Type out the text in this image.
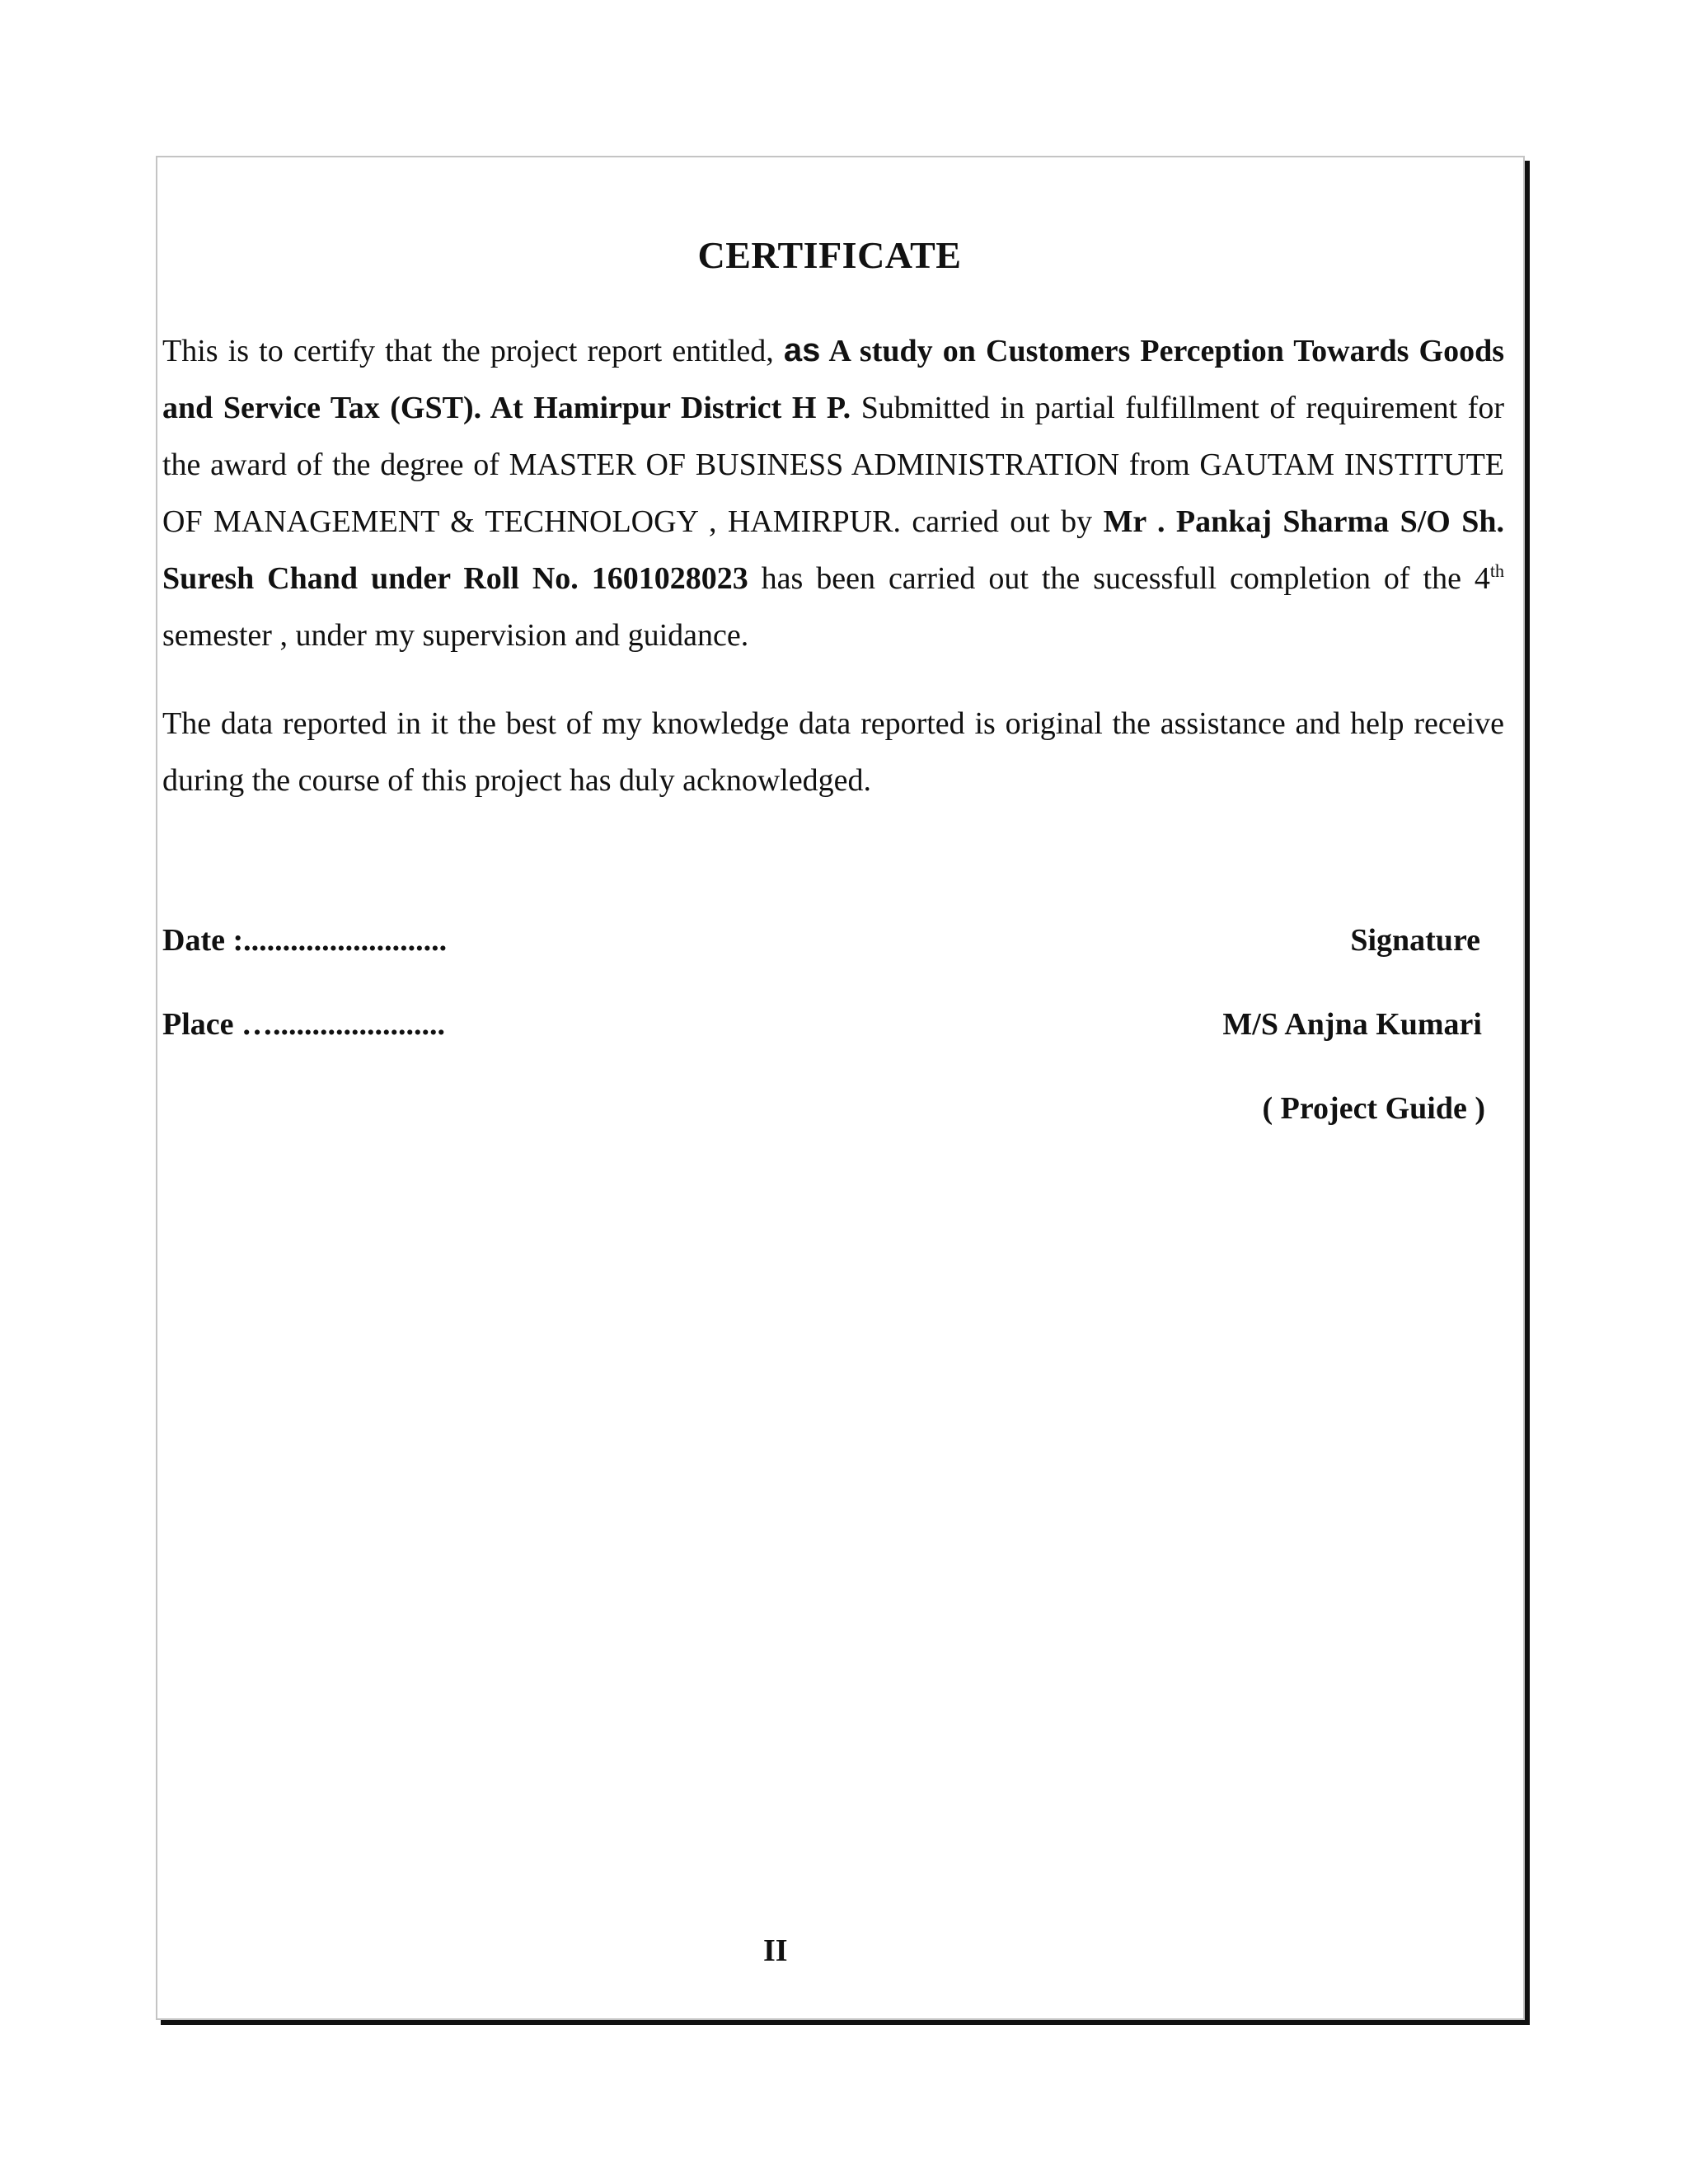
CERTIFICATE

This is to certify that the project report entitled, as A study on Customers Perception Towards Goods and Service Tax (GST). At Hamirpur District H P. Submitted in partial fulfillment of requirement for the award of the degree of MASTER OF BUSINESS ADMINISTRATION from GAUTAM INSTITUTE OF MANAGEMENT & TECHNOLOGY , HAMIRPUR. carried out by Mr . Pankaj Sharma S/O Sh. Suresh Chand under Roll No. 1601028023 has been carried out the sucessfull completion of the 4th semester , under my supervision and guidance.

The data reported in it the best of my knowledge data reported is original the assistance and help receive during the course of this project has duly acknowledged.

Date :..........................
Place …......................
Signature
M/S Anjna Kumari
( Project Guide )
II
